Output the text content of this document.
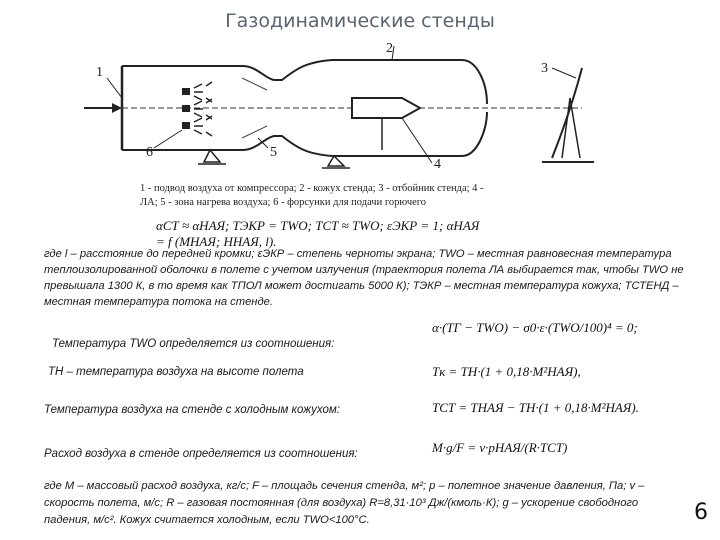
Газодинамические стенды
1
2
3
4
5
6
1 - подвод воздуха от компрессора; 2 - кожух стенда; 3 - отбойник стенда; 4 - ЛА; 5 - зона нагрева воздуха; 6 - форсунки для подачи горючего
αСТ ≈ αНАЯ; TЭКР = TWO; TСТ ≈ TWO; εЭКР = 1; αНАЯ = f (MНАЯ; HНАЯ, l).
где l – расстояние до передней кромки; εЭКР – степень черноты экрана; TWO – местная равновесная температура теплоизолированной оболочки в полете с учетом излучения (траектория полета ЛА выбирается так, чтобы TWO не превышала 1300 К, в то время как TПОЛ может достигать 5000 К); TЭКР – местная температура кожуха; TСТЕНД – местная температура потока на стенде.
Температура TWO определяется из соотношения:
α·(TГ − TWO) − σ0·ε·(TWO/100)⁴ = 0;
TH – температура воздуха на высоте полета	Tк = TН·(1 + 0,18·M²НАЯ),
Температура воздуха на стенде с холодным кожухом:	TСТ = TНАЯ − TН·(1 + 0,18·M²НАЯ).
Расход воздуха в стенде определяется из соотношения:	M·g/F = v·pНАЯ/(R·TСТ)
где M – массовый расход воздуха, кг/с; F – площадь сечения стенда, м²; p – полетное значение давления, Па; v – скорость полета, м/с; R – газовая постоянная (для воздуха) R=8,31·10³ Дж/(кмоль·К); g – ускорение свободного падения, м/с². Кожух считается холодным, если TWO<100°С.	6
